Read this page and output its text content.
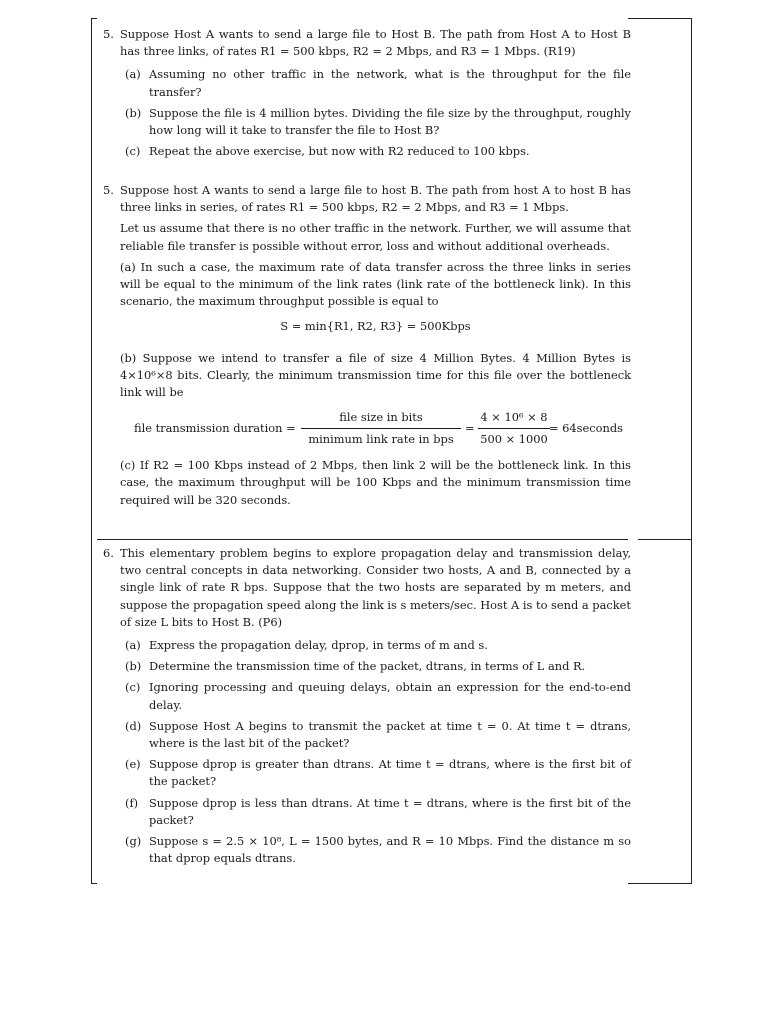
5. Suppose Host A wants to send a large file to Host B. The path from Host A to Host B has three links, of rates R1 = 500 kbps, R2 = 2 Mbps, and R3 = 1 Mbps. (R19)

(a) Assuming no other traffic in the network, what is the throughput for the file transfer?

(b) Suppose the file is 4 million bytes. Dividing the file size by the throughput, roughly how long will it take to transfer the file to Host B?

(c) Repeat the above exercise, but now with R2 reduced to 100 kbps.

5. Suppose host A wants to send a large file to host B. The path from host A to host B has three links in series, of rates R1 = 500 kbps, R2 = 2 Mbps, and R3 = 1 Mbps.

Let us assume that there is no other traffic in the network. Further, we will assume that reliable file transfer is possible without error, loss and without additional overheads.

(a) In such a case, the maximum rate of data transfer across the three links in series will be equal to the minimum of the link rates (link rate of the bottleneck link). In this scenario, the maximum throughput possible is equal to

S = min{R1, R2, R3} = 500Kbps

(b) Suppose we intend to transfer a file of size 4 Million Bytes. 4 Million Bytes is 4×10⁶×8 bits. Clearly, the minimum transmission time for this file over the bottleneck link will be

file transmission duration =
file size in bits
minimum link rate in bps
= $\frac{\text{4 × 10⁶ × 8}}{500 \times 1000}$ = 64seconds

(c) If R2 = 100 Kbps instead of 2 Mbps, then link 2 will be the bottleneck link. In this case, the maximum throughput will be 100 Kbps and the minimum transmission time required will be 320 seconds.

6. This elementary problem begins to explore propagation delay and transmission delay, two central concepts in data networking. Consider two hosts, A and B, connected by a single link of rate R bps. Suppose that the two hosts are separated by m meters, and suppose the propagation speed along the link is s meters/sec. Host A is to send a packet of size L bits to Host B. (P6)

(a) Express the propagation delay, dprop, in terms of m and s.

(b) Determine the transmission time of the packet, dtrans, in terms of L and R.

(c) Ignoring processing and queuing delays, obtain an expression for the end-to-end delay.

(d) Suppose Host A begins to transmit the packet at time t = 0. At time t = dtrans, where is the last bit of the packet?

(e) Suppose dprop is greater than dtrans. At time t = dtrans, where is the first bit of the packet?

(f) Suppose dprop is less than dtrans. At time t = dtrans, where is the first bit of the packet?

(g) Suppose s = 2.5 × 10⁸, L = 1500 bytes, and R = 10 Mbps. Find the distance m so that dprop equals dtrans.
